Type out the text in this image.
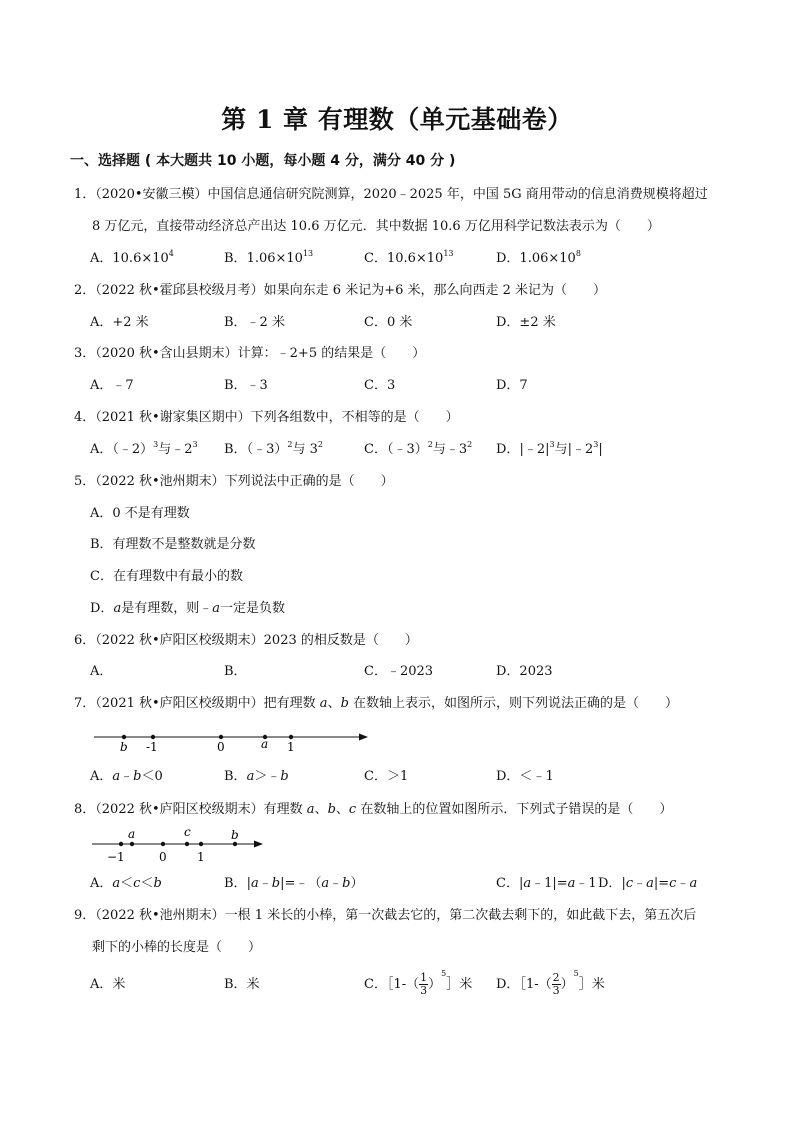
第 1 章 有理数（单元基础卷）
一、选择题 ( 本大题共 10 小题，每小题 4 分，满分 40 分 )
1．（2020•安徽三模）中国信息通信研究院测算，2020﹣2025 年，中国 5G 商用带动的信息消费规模将超过
8 万亿元，直接带动经济总产出达 10.6 万亿元．其中数据 10.6 万亿用科学记数法表示为（　　）
A．$10.6\times 10^4$	B．$1.06\times 10^{13}$	C．$10.6\times 10^{13}$	D．$1.06\times 10^8$
2．（2022 秋•霍邱县校级月考）如果向东走 6 米记为+6 米，那么向西走 2 米记为（　　）
A．+2 米	B．﹣2 米	C．0 米	D．±2 米
3．（2020 秋•含山县期末）计算：﹣2+5 的结果是（　　）
A．﹣7	B．﹣3	C．3	D．7
4．（2021 秋•谢家集区期中）下列各组数中，不相等的是（　　）
A．（﹣2）$^3$与$﹣2^3$ B．（﹣3）$^2$与 $3^2$	C．（﹣3）$^2$与$﹣3^2$ D．$|﹣2|^3$与$|﹣2^3|$
5．（2022 秋•池州期末）下列说法中正确的是（　　）
A．0 不是有理数
B．有理数不是整数就是分数
C．在有理数中有最小的数
D．a是有理数，则﹣a一定是负数
6．（2022 秋•庐阳区校级期末）2023 的相反数是（　　）
A．	B．	C．﹣2023	D．2023
7．（2021 秋•庐阳区校级期中）把有理数 a、b 在数轴上表示，如图所示，则下列说法正确的是（　　）
b -1	0	a 1
A．a﹣b＜0	B．a＞﹣b	C．＞1	D．＜﹣1
8．（2022 秋•庐阳区校级期末）有理数 a、b、c 在数轴上的位置如图所示．下列式子错误的是（　　）
a	c	b
−1	0	1
A．a＜c＜b	B．|a﹣b|=﹣（a﹣b）	C．|a﹣1|=a﹣1 D．|c﹣a|=c﹣a
9．（2022 秋•池州期末）一根 1 米长的小棒，第一次截去它的，第二次截去剩下的，如此截下去，第五次后
剩下的小棒的长度是（　　）
A．米	B．米	C．［1-（ $\frac{1}{3}$ ）$^5$］米 D．［1-（ $\frac{2}{3}$ ）$^5$］米
